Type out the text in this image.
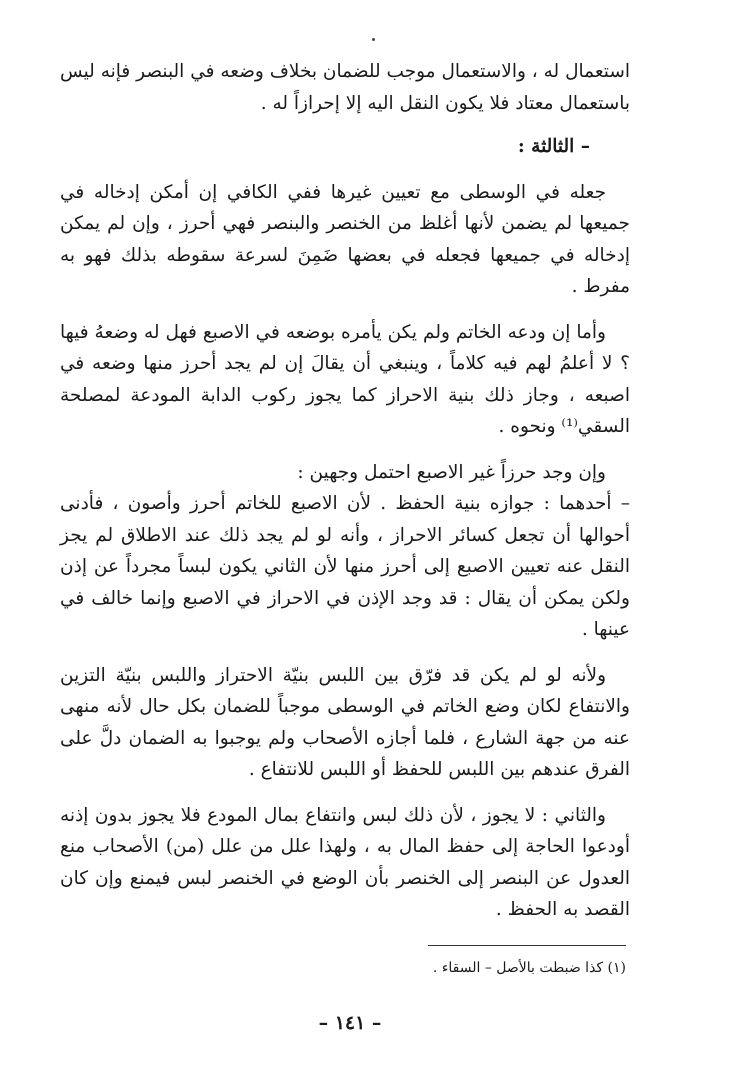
استعمال له ، والاستعمال موجب للضمان بخلاف وضعه في البنصر فإنه ليس باستعمال معتاد فلا يكون النقل اليه إلا إحرازاً له .

– الثالثة :

جعله في الوسطى مع تعيين غيرها ففي الكافي إن أمكن إدخاله في جميعها لم يضمن لأنها أغلظ من الخنصر والبنصر فهي أحرز ، وإن لم يمكن إدخاله في جميعها فجعله في بعضها ضَمِنَ لسرعة سقوطه بذلك فهو به مفرط .

وأما إن ودعه الخاتم ولم يكن يأمره بوضعه في الاصبع فهل له وضعهُ فيها ؟ لا أعلمُ لهم فيه كلاماً ، وينبغي أن يقالَ إن لم يجد أحرز منها وضعه في اصبعه ، وجاز ذلك بنية الاحراز كما يجوز ركوب الدابة المودعة لمصلحة السقي⁽¹⁾ ونحوه .

وإن وجد حرزاً غير الاصبع احتمل وجهين :

– أحدهما : جوازه بنية الحفظ . لأن الاصبع للخاتم أحرز وأصون ، فأدنى أحوالها أن تجعل كسائر الاحراز ، وأنه لو لم يجد ذلك عند الاطلاق لم يجز النقل عنه تعيين الاصبع إلى أحرز منها لأن الثاني يكون لبساً مجرداً عن إذن ولكن يمكن أن يقال : قد وجد الإذن في الاحراز في الاصبع وإنما خالف في عينها .

ولأنه لو لم يكن قد فرّق بين اللبس بنيّة الاحتراز واللبس بنيّة التزين والانتفاع لكان وضع الخاتم في الوسطى موجباً للضمان بكل حال لأنه منهى عنه من جهة الشارع ، فلما أجازه الأصحاب ولم يوجبوا به الضمان دلَّ على الفرق عندهم بين اللبس للحفظ أو اللبس للانتفاع .

والثاني : لا يجوز ، لأن ذلك لبس وانتفاع بمال المودع فلا يجوز بدون إذنه أودعوا الحاجة إلى حفظ المال به ، ولهذا علل من علل (من) الأصحاب منع العدول عن البنصر إلى الخنصر بأن الوضع في الخنصر لبس فيمنع وإن كان القصد به الحفظ .

(١) كذا ضبطت بالأصل – السقاء .
– ١٤١ –
